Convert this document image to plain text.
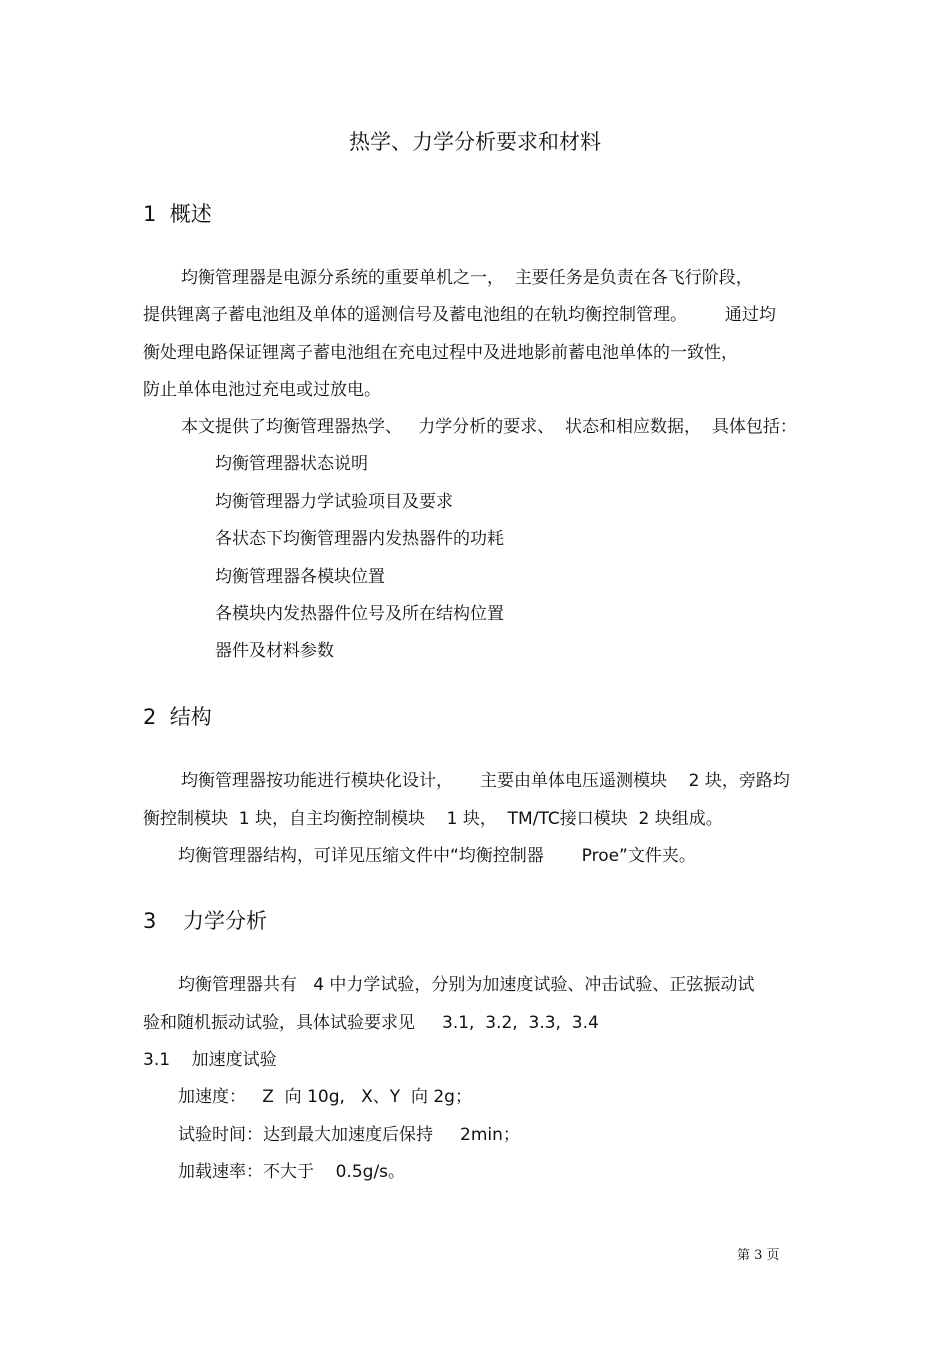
热学、力学分析要求和材料
1  概述
均衡管理器是电源分系统的重要单机之一，  主要任务是负责在各飞行阶段，
提供锂离子蓄电池组及单体的遥测信号及蓄电池组的在轨均衡控制管理。       通过均
衡处理电路保证锂离子蓄电池组在充电过程中及进地影前蓄电池单体的一致性，
防止单体电池过充电或过放电。
本文提供了均衡管理器热学、   力学分析的要求、  状态和相应数据，  具体包括：
均衡管理器状态说明
均衡管理器力学试验项目及要求
各状态下均衡管理器内发热器件的功耗
均衡管理器各模块位置
各模块内发热器件位号及所在结构位置
器件及材料参数
2  结构
均衡管理器按功能进行模块化设计，     主要由单体电压遥测模块    2 块，旁路均
衡控制模块  1 块，自主均衡控制模块    1 块，  TM/TC接口模块  2 块组成。
均衡管理器结构，可详见压缩文件中“均衡控制器       Proe”文件夹。
3    力学分析
均衡管理器共有   4 中力学试验，分别为加速度试验、冲击试验、正弦振动试
验和随机振动试验，具体试验要求见     3.1,  3.2,  3.3,  3.4
3.1    加速度试验
加速度：   Z  向 10g,   X、Y  向 2g；
试验时间：达到最大加速度后保持     2min；
加载速率：不大于    0.5g/s。
第 3 页
